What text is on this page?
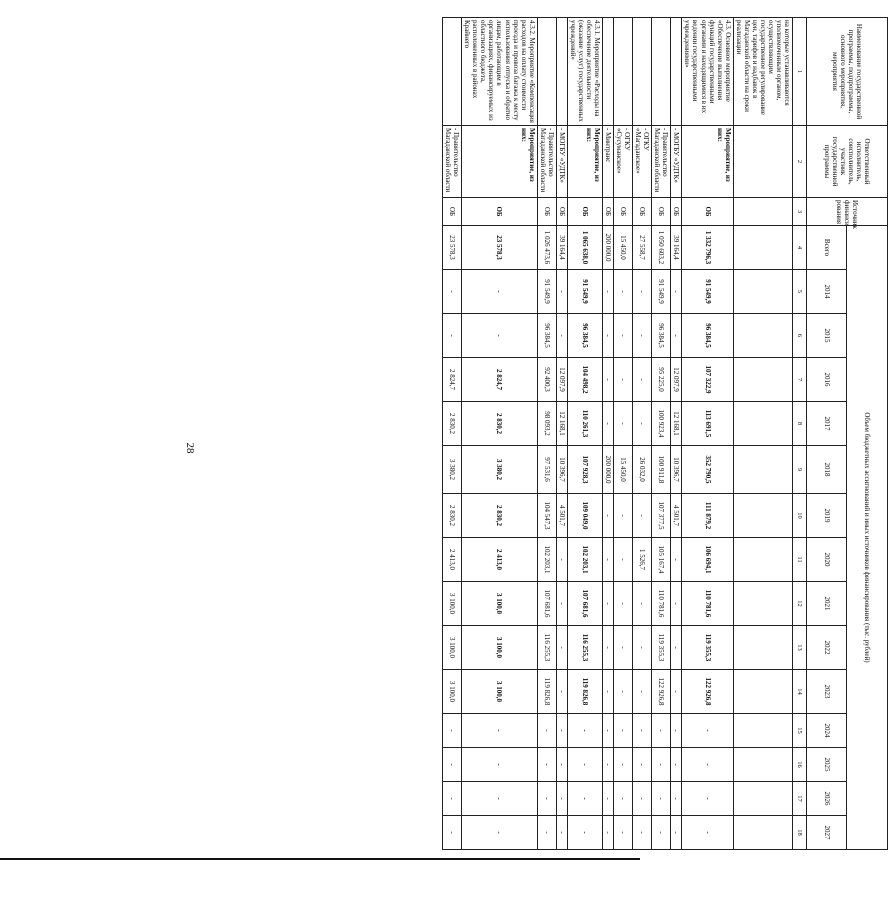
28
Наименование государственной программы, подпрограммы, основного мероприятия, мероприятия	Ответственный исполнитель, соисполнитель, участник государственной программы	Источник финанси-рования	Объем бюджетных ассигнований и иных источников финансирования (тыс. рублей)														
			Всего	2014	2015	2016	2017	2018	2019	2020	2021	2022	2023	2024	2025	2026	2027
1	2	3	4	5	6	7	8	9	10	11	12	13	14	15	16	17	18
на которые устанавливаются уполномоченным органом, осуществляющим государственное регулирование цен, тарифов и надбавок в Магаданской области на сроки реализации																	
4.3. Основное мероприятие «Обеспечение выполнения функций государственными органами и находящимися в их ведении государственными учреждениями»	Мероприятие, из них:	ОБ	1 332 796,3	91 549,9	96 384,5	107 322,9	113 691,5	352 790,5	111 879,2	106 694,1	110 781,6	119 355,3	122 926,8	-	-	-	-
	- МОГБУ «УДТК»	ОБ	39 164,4	-	-	12 097,9	12 168,1	10 396,7	4 501,7	-	-	-	-	-	-	-	-
	- Правительство Магаданской области	ОБ	1 050 603,2	91 549,9	96 384,5	95 225,0	100 923,4	100 911,8	107 377,5	105 167,4	110 781,6	119 355,3	122 926,8	-	-	-	-
	- ОГКУ «Магаданское»	ОБ	27 558,7	-	-	-	-	26 032,0	-	1 526,7	-	-	-	-	-	-	-
	- ОГКУ «Сусуманское»	ОБ	15 450,0	-	-	-	-	15 450,0	-	-	-	-	-	-	-	-	-
	- Минтранс	ОБ	200 000,0	-	-	-	-	200 000,0	-	-	-	-	-	-	-	-	-
4.3.1. Мероприятие «Расходы на обеспечение деятельности (оказание услуг) государственных учреждений»	Мероприятие, из них:	ОБ	1 065 638,0	91 549,9	96 384,5	104 498,2	110 261,3	107 928,3	109 049,0	102 203,1	107 681,6	116 255,3	119 826,8	-	-	-	-
	- МОГБУ «УДТК»	ОБ	39 164,4	-	-	12 097,9	12 168,1	10 396,7	4 501,7	-	-	-	-	-	-	-	-
	- Правительство Магаданской области	ОБ	1 026 473,6	91 549,9	96 384,5	92 400,3	98 093,2	97 531,6	104 547,3	102 203,1	107 681,6	116 255,3	119 826,8	-	-	-	-
4.3.2. Мероприятие «Компенсация расходов на оплату стоимости проезда и провоза багажа к месту использования отпуска и обратно лицам, работающим в организациях, финансируемых из областного бюджета, расположенных в районах Крайнего	Мероприятие, из них:	ОБ	23 578,3	-	-	2 824,7	2 830,2	3 380,2	2 830,2	2 413,0	3 100,0	3 100,0	3 100,0	-	-	-	-
	- Правительство Магаданской области	ОБ	23 578,3	-	-	2 824,7	2 830,2	3 380,2	2 830,2	2 413,0	3 100,0	3 100,0	3 100,0	-	-	-	-
